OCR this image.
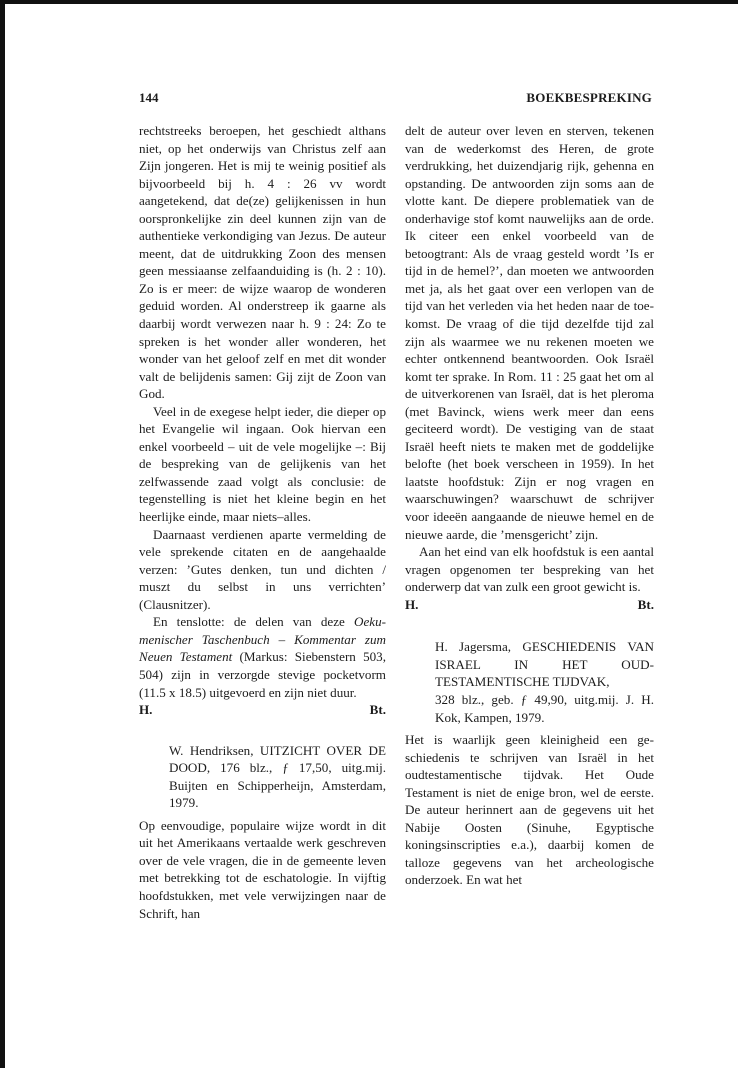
144	BOEKBESPREKING

rechtstreeks beroepen, het geschiedt althans niet, op het onderwijs van Christus zelf aan Zijn jongeren. Het is mij te weinig positief als bijvoorbeeld bij h. 4 : 26 vv wordt aangetekend, dat de(ze) gelijkenissen in hun oorspronkelijke zin deel kunnen zijn van de authentieke verkondiging van Jezus. De auteur meent, dat de uitdrukking Zoon des mensen geen messiaanse zelfaanduiding is (h. 2 : 10). Zo is er meer: de wijze waarop de wonderen geduid worden. Al onderstreep ik gaarne als daarbij wordt verwezen naar h. 9 : 24: Zo te spreken is het wonder aller wonderen, het wonder van het geloof zelf en met dit wonder valt de belijdenis samen: Gij zijt de Zoon van God.

Veel in de exegese helpt ieder, die dieper op het Evangelie wil ingaan. Ook hiervan een enkel voorbeeld – uit de vele mogelijke –: Bij de bespreking van de gelijkenis van het zelfwassende zaad volgt als conclusie: de tegenstelling is niet het kleine begin en het heerlijke einde, maar niets–alles.

Daarnaast verdienen aparte vermelding de vele sprekende citaten en de aangehaalde verzen: ’Gutes denken, tun und dichten / muszt du selbst in uns verrichten’ (Clausnitzer).

En tenslotte: de delen van deze Oekumenischer Taschenbuch – Kommentar zum Neuen Testament (Markus: Siebenstern 503, 504) zijn in verzorgde stevige pocketvorm (11.5 x 18.5) uitgevoerd en zijn niet duur.

H.	Bt.
W. Hendriksen, UITZICHT OVER DE DOOD, 176 blz., ƒ 17,50, uitg.mij. Buijten en Schipperheijn, Amsterdam, 1979.

Op eenvoudige, populaire wijze wordt in dit uit het Amerikaans vertaalde werk geschreven over de vele vragen, die in de gemeente leven met betrekking tot de eschatologie. In vijftig hoofdstukken, met vele verwijzingen naar de Schrift, han

delt de auteur over leven en sterven, tekenen van de wederkomst des Heren, de grote verdrukking, het duizendjarig rijk, gehenna en opstanding. De antwoorden zijn soms aan de vlotte kant. De diepere problematiek van de onderhavige stof komt nauwelijks aan de orde. Ik citeer een enkel voorbeeld van de betoogtrant: Als de vraag gesteld wordt ’Is er tijd in de hemel?’, dan moeten we antwoorden met ja, als het gaat over een verlopen van de tijd van het verleden via het heden naar de toekomst. De vraag of die tijd dezelfde tijd zal zijn als waarmee we nu rekenen moeten we echter ontkennend beantwoorden. Ook Israël komt ter sprake. In Rom. 11 : 25 gaat het om al de uitverkorenen van Israël, dat is het pleroma (met Bavinck, wiens werk meer dan eens geciteerd wordt). De vestiging van de staat Israël heeft niets te maken met de goddelijke belofte (het boek verscheen in 1959). In het laatste hoofdstuk: Zijn er nog vragen en waarschuwingen? waarschuwt de schrijver voor ideeën aangaande de nieuwe hemel en de nieuwe aarde, die ’mensgericht’ zijn.

Aan het eind van elk hoofdstuk is een aantal vragen opgenomen ter bespreking van het onderwerp dat van zulk een groot gewicht is.

H.	Bt.
H. Jagersma, GESCHIEDENIS VAN ISRAEL IN HET OUDTESTAMENTISCHE TIJDVAK,
328 blz., geb. ƒ 49,90, uitg.mij. J. H. Kok, Kampen, 1979.

Het is waarlijk geen kleinigheid een geschiedenis te schrijven van Israël in het oudtestamentische tijdvak. Het Oude Testament is niet de enige bron, wel de eerste. De auteur herinnert aan de gegevens uit het Nabije Oosten (Sinuhe, Egyptische koningsinscripties e.a.), daarbij komen de talloze gegevens van het archeologische onderzoek. En wat het
